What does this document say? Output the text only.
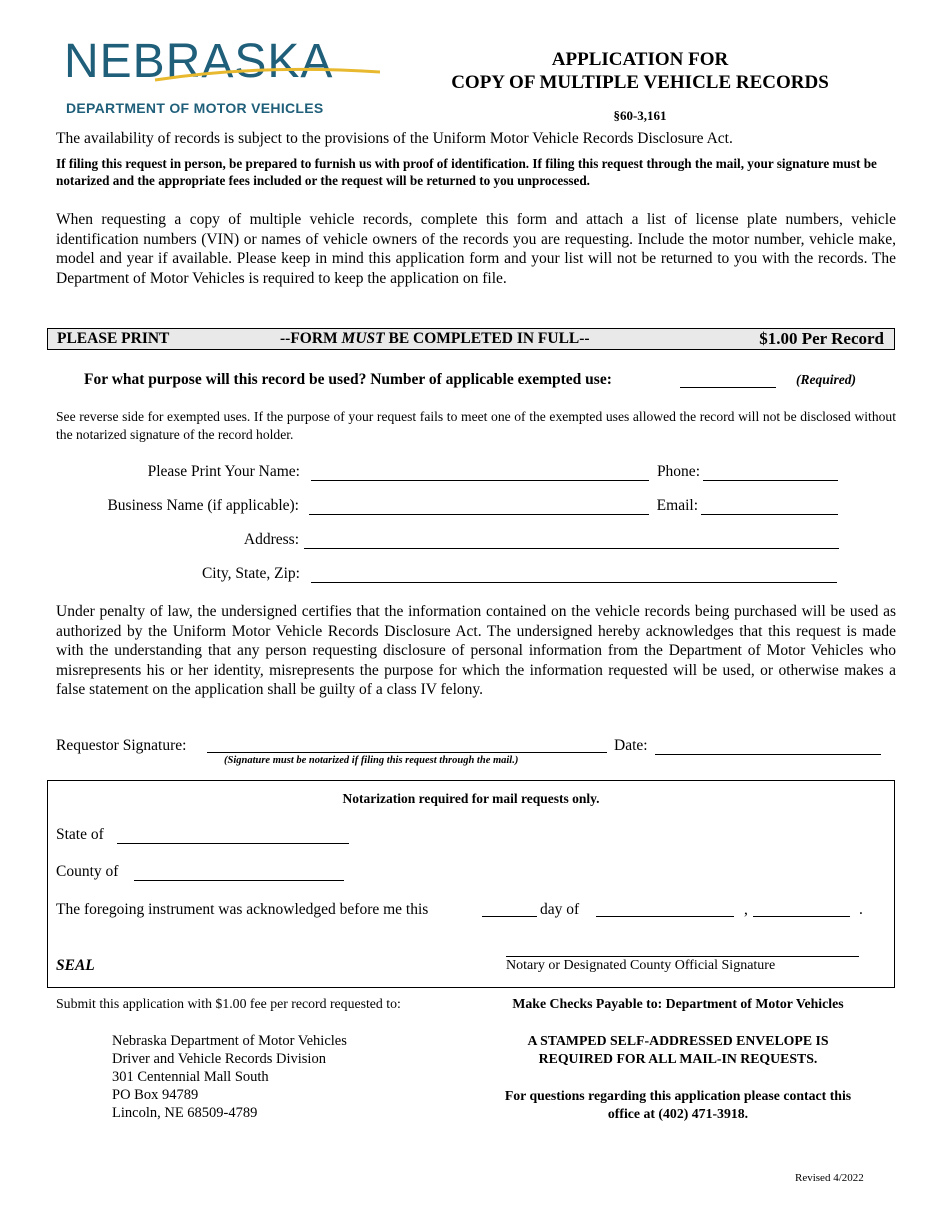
NEBRASKA
DEPARTMENT OF MOTOR VEHICLES
APPLICATION FOR
COPY OF MULTIPLE VEHICLE RECORDS
§60-3,161
The availability of records is subject to the provisions of the Uniform Motor Vehicle Records Disclosure Act.
If filing this request in person, be prepared to furnish us with proof of identification. If filing this request through the mail, your signature must be notarized and the appropriate fees included or the request will be returned to you unprocessed.
When requesting a copy of multiple vehicle records, complete this form and attach a list of license plate numbers, vehicle identification numbers (VIN) or names of vehicle owners of the records you are requesting. Include the motor number, vehicle make, model and year if available. Please keep in mind this application form and your list will not be returned to you with the records. The Department of Motor Vehicles is required to keep the application on file.
PLEASE PRINT	--FORM MUST BE COMPLETED IN FULL--	$1.00 Per Record
For what purpose will this record be used? Number of applicable exempted use:	(Required)
See reverse side for exempted uses. If the purpose of your request fails to meet one of the exempted uses allowed the record will not be disclosed without the notarized signature of the record holder.
Please Print Your Name:	Phone:
Business Name (if applicable):	Email:
Address:
City, State, Zip:
Under penalty of law, the undersigned certifies that the information contained on the vehicle records being purchased will be used as authorized by the Uniform Motor Vehicle Records Disclosure Act. The undersigned hereby acknowledges that this request is made with the understanding that any person requesting disclosure of personal information from the Department of Motor Vehicles who misrepresents his or her identity, misrepresents the purpose for which the information requested will be used, or otherwise makes a false statement on the application shall be guilty of a class IV felony.
Requestor Signature:
(Signature must be notarized if filing this request through the mail.)
Date:
Notarization required for mail requests only.
State of
County of
The foregoing instrument was acknowledged before me this	day of	,	.
SEAL	Notary or Designated County Official Signature
Submit this application with $1.00 fee per record requested to:
Nebraska Department of Motor Vehicles
Driver and Vehicle Records Division
301 Centennial Mall South
PO Box 94789
Lincoln, NE 68509-4789
Make Checks Payable to: Department of Motor Vehicles
A STAMPED SELF-ADDRESSED ENVELOPE IS
REQUIRED FOR ALL MAIL-IN REQUESTS.
For questions regarding this application please contact this
office at (402) 471-3918.
Revised 4/2022
